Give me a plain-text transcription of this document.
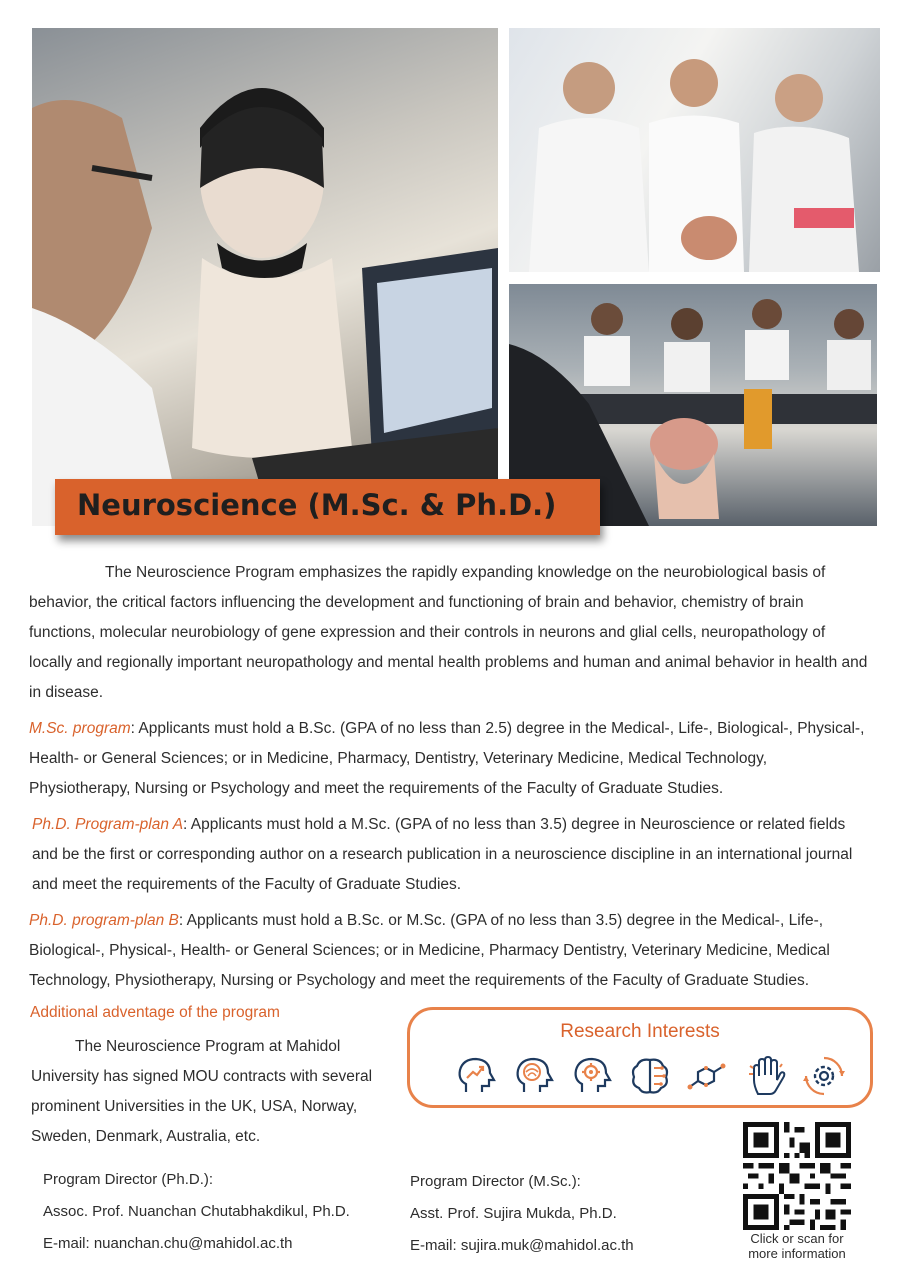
Neuroscience (M.Sc. & Ph.D.)

The Neuroscience Program emphasizes the rapidly expanding knowledge on the neurobiological basis of behavior, the critical factors influencing the development and functioning of brain and behavior, chemistry of brain functions, molecular neurobiology of gene expression and their controls in neurons and glial cells, neuropathology of locally and regionally important neuropathology and mental health problems and human and animal behavior in health and in disease.

M.Sc. program: Applicants must hold a B.Sc. (GPA of no less than 2.5) degree in the Medical-, Life-, Biological-, Physical-, Health- or General Sciences; or in Medicine, Pharmacy, Dentistry, Veterinary Medicine, Medical Technology, Physiotherapy, Nursing or Psychology and meet the requirements of the Faculty of Graduate Studies.

Ph.D. Program-plan A: Applicants must hold a M.Sc. (GPA of no less than 3.5) degree in Neuroscience or related fields and be the first or corresponding author on a research publication in a neuroscience discipline in an international journal and meet the requirements of the Faculty of Graduate Studies.

Ph.D. program-plan B: Applicants must hold a B.Sc. or M.Sc. (GPA of no less than 3.5) degree in the Medical-, Life-, Biological-, Physical-, Health- or General Sciences; or in Medicine, Pharmacy Dentistry, Veterinary Medicine, Medical Technology, Physiotherapy, Nursing or Psychology and meet the requirements of the Faculty of Graduate Studies.

Additional adventage of the program

The Neuroscience Program at Mahidol University has signed MOU contracts with several prominent Universities in the UK, USA, Norway, Sweden, Denmark, Australia, etc.

Research Interests
Program Director (Ph.D.):
Assoc. Prof. Nuanchan Chutabhakdikul, Ph.D.
E-mail: nuanchan.chu@mahidol.ac.th
Program Director (M.Sc.):
Asst. Prof. Sujira Mukda, Ph.D.
E-mail: sujira.muk@mahidol.ac.th	Click or scan for
more information
